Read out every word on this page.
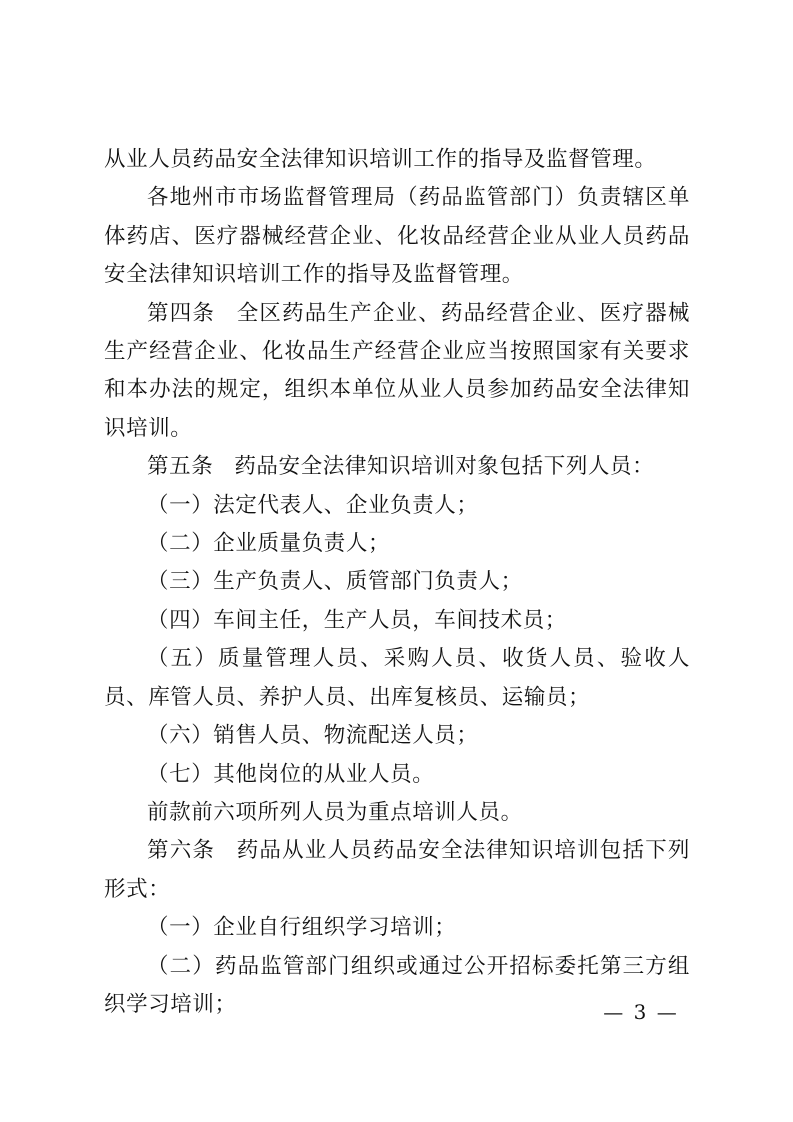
从业人员药品安全法律知识培训工作的指导及监督管理。

各地州市市场监督管理局（药品监管部门）负责辖区单体药店、医疗器械经营企业、化妆品经营企业从业人员药品安全法律知识培训工作的指导及监督管理。

第四条 全区药品生产企业、药品经营企业、医疗器械生产经营企业、化妆品生产经营企业应当按照国家有关要求和本办法的规定，组织本单位从业人员参加药品安全法律知识培训。

第五条 药品安全法律知识培训对象包括下列人员：

（一）法定代表人、企业负责人；

（二）企业质量负责人；

（三）生产负责人、质管部门负责人；

（四）车间主任，生产人员，车间技术员；

（五）质量管理人员、采购人员、收货人员、验收人员、库管人员、养护人员、出库复核员、运输员；

（六）销售人员、物流配送人员；

（七）其他岗位的从业人员。

前款前六项所列人员为重点培训人员。

第六条 药品从业人员药品安全法律知识培训包括下列形式：

（一）企业自行组织学习培训；

（二）药品监管部门组织或通过公开招标委托第三方组织学习培训；	— 3 —
